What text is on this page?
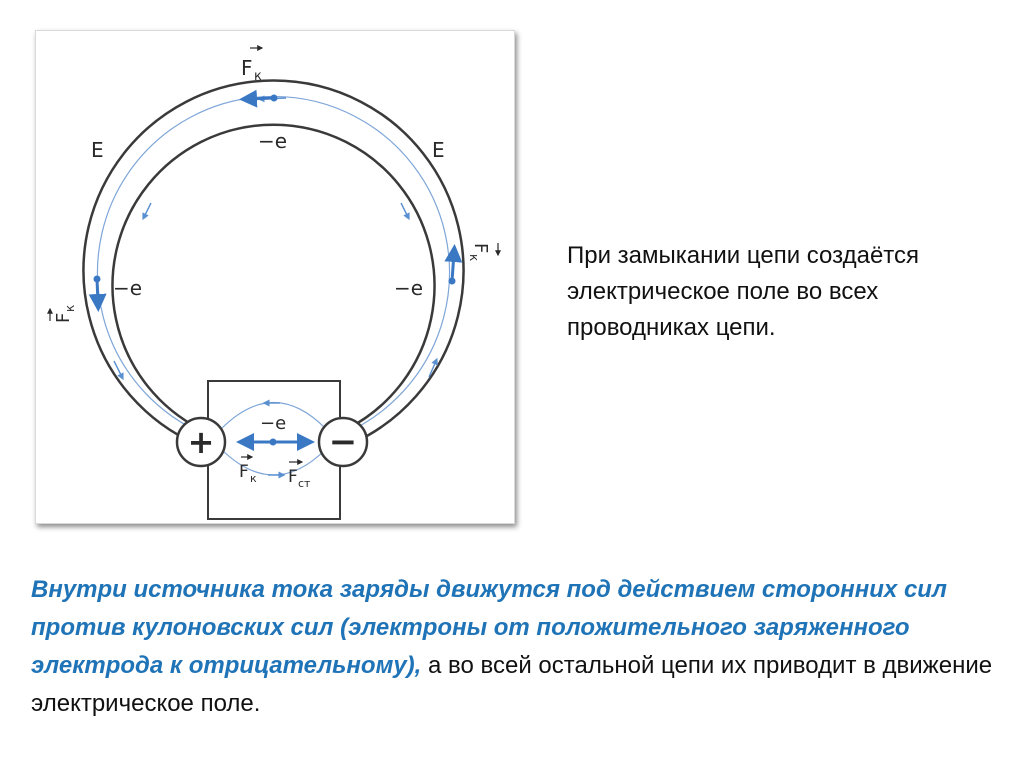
+	−
F к
E	E
−e
−e	−e
F
к
F
к
−e
F к F ст
При замыкании цепи создаётся электрическое поле во всех проводниках цепи.
Внутри источника тока заряды движутся под действием сторонних сил против кулоновских сил (электроны от положительного заряженного электрода к отрицательному), а во всей остальной цепи их приводит в движение электрическое поле.
